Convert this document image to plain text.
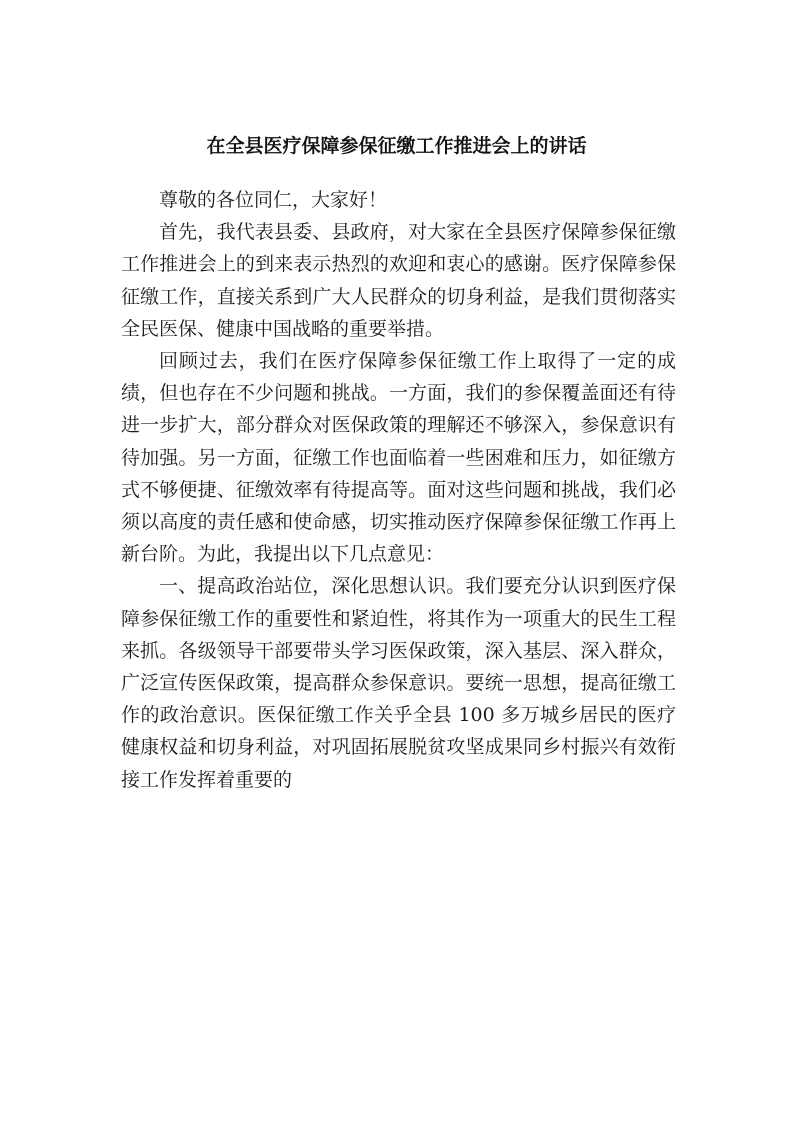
在全县医疗保障参保征缴工作推进会上的讲话

尊敬的各位同仁，大家好！

首先，我代表县委、县政府，对大家在全县医疗保障参保征缴工作推进会上的到来表示热烈的欢迎和衷心的感谢。医疗保障参保征缴工作，直接关系到广大人民群众的切身利益，是我们贯彻落实全民医保、健康中国战略的重要举措。

回顾过去，我们在医疗保障参保征缴工作上取得了一定的成绩，但也存在不少问题和挑战。一方面，我们的参保覆盖面还有待进一步扩大，部分群众对医保政策的理解还不够深入，参保意识有待加强。另一方面，征缴工作也面临着一些困难和压力，如征缴方式不够便捷、征缴效率有待提高等。面对这些问题和挑战，我们必须以高度的责任感和使命感，切实推动医疗保障参保征缴工作再上新台阶。为此，我提出以下几点意见：

一、提高政治站位，深化思想认识。我们要充分认识到医疗保障参保征缴工作的重要性和紧迫性，将其作为一项重大的民生工程来抓。各级领导干部要带头学习医保政策，深入基层、深入群众，广泛宣传医保政策，提高群众参保意识。要统一思想，提高征缴工作的政治意识。医保征缴工作关乎全县 100 多万城乡居民的医疗健康权益和切身利益，对巩固拓展脱贫攻坚成果同乡村振兴有效衔接工作发挥着重要的
